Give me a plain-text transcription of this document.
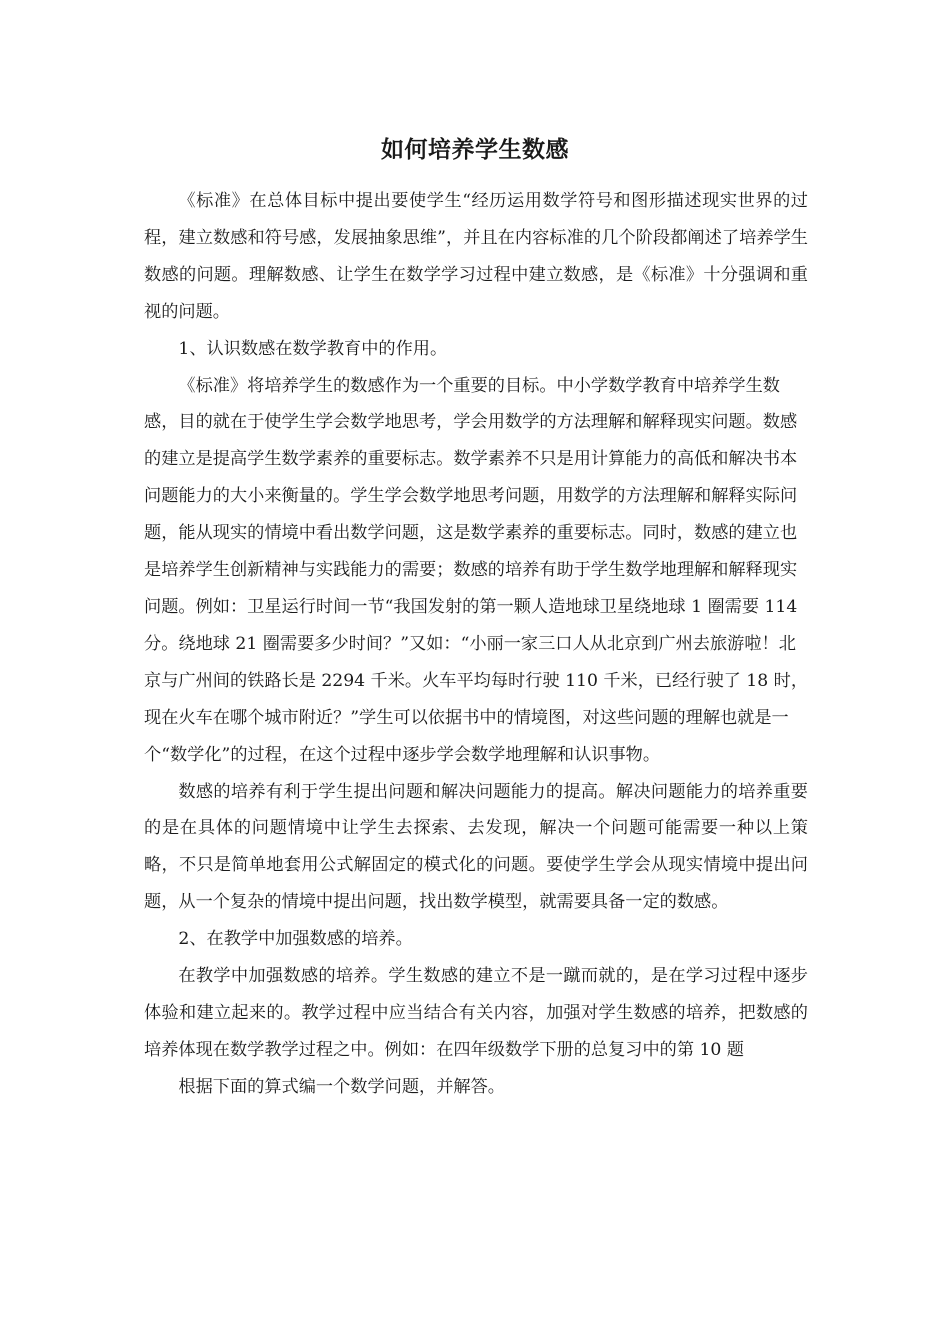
如何培养学生数感

《标准》在总体目标中提出要使学生“经历运用数学符号和图形描述现实世界的过程，建立数感和符号感，发展抽象思维”，并且在内容标准的几个阶段都阐述了培养学生数感的问题。理解数感、让学生在数学学习过程中建立数感，是《标准》十分强调和重视的问题。

1、认识数感在数学教育中的作用。

《标准》将培养学生的数感作为一个重要的目标。中小学数学教育中培养学生数感，目的就在于使学生学会数学地思考，学会用数学的方法理解和解释现实问题。数感的建立是提高学生数学素养的重要标志。数学素养不只是用计算能力的高低和解决书本问题能力的大小来衡量的。学生学会数学地思考问题，用数学的方法理解和解释实际问题，能从现实的情境中看出数学问题，这是数学素养的重要标志。同时，数感的建立也是培养学生创新精神与实践能力的需要；数感的培养有助于学生数学地理解和解释现实问题。例如：卫星运行时间一节“我国发射的第一颗人造地球卫星绕地球 1 圈需要 114 分。绕地球 21 圈需要多少时间？”又如：“小丽一家三口人从北京到广州去旅游啦！北京与广州间的铁路长是 2294 千米。火车平均每时行驶 110 千米，已经行驶了 18 时，现在火车在哪个城市附近？”学生可以依据书中的情境图，对这些问题的理解也就是一个“数学化”的过程，在这个过程中逐步学会数学地理解和认识事物。

数感的培养有利于学生提出问题和解决问题能力的提高。解决问题能力的培养重要的是在具体的问题情境中让学生去探索、去发现，解决一个问题可能需要一种以上策略，不只是简单地套用公式解固定的模式化的问题。要使学生学会从现实情境中提出问题，从一个复杂的情境中提出问题，找出数学模型，就需要具备一定的数感。

2、在教学中加强数感的培养。

在教学中加强数感的培养。学生数感的建立不是一蹴而就的，是在学习过程中逐步体验和建立起来的。教学过程中应当结合有关内容，加强对学生数感的培养，把数感的培养体现在数学教学过程之中。例如：在四年级数学下册的总复习中的第 10 题

根据下面的算式编一个数学问题，并解答。
